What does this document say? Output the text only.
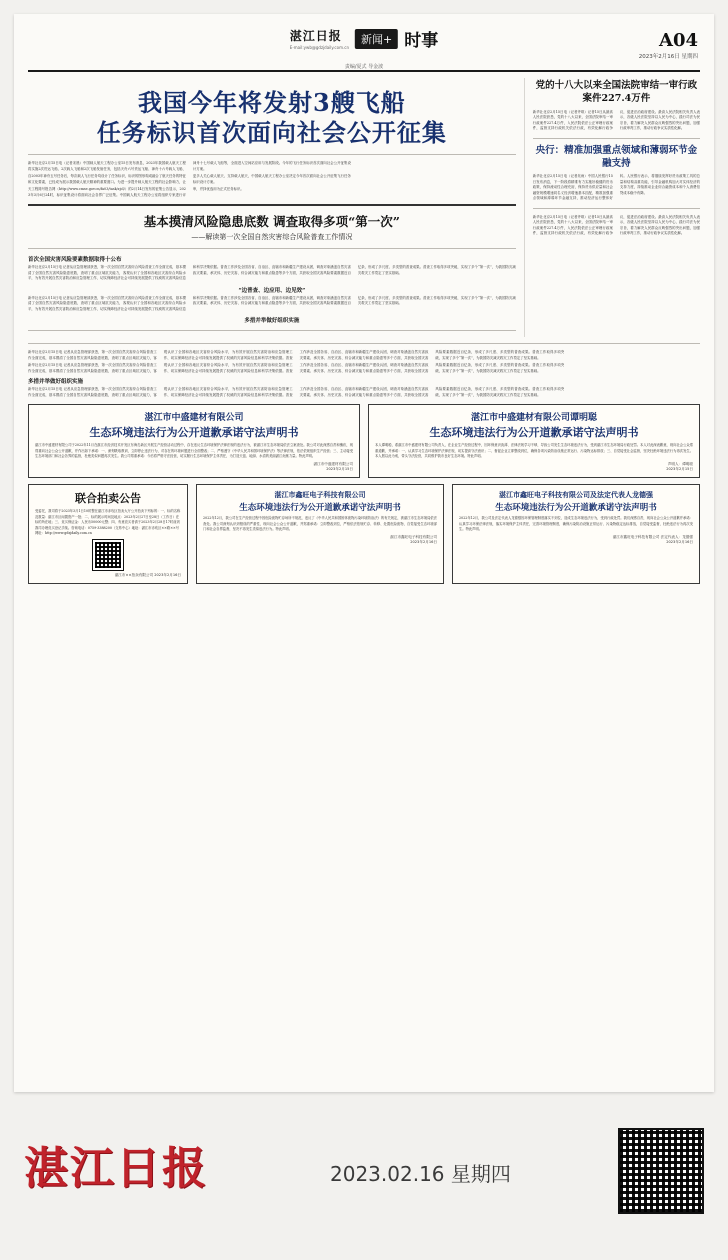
湛江日报
E-mail:ywb@gdzjdaily.com.cn
新闻+ 时事
责编/夏式 导金波
A04
2023年2月16日 星期四
我国今年将发射3艘飞船
任务标识首次面向社会公开征集
新华社北京2月15日电（记者宋晨）中国载人航天工程办公室15日发布消息，2023年我国载人航天工程将实施2次货运飞船、2次载人飞船和2次飞船发射任务，包括天舟六号货运飞船、神舟十六号载人飞船、神舟十七号载人飞船等，全面进入空间站应用与发展阶段。今年的飞行任务标识首次面向社会公开征集设计方案。
自2003年神舟五号任务后，每次载人飞行任务均设计了任务标识，标识的图形构成融合了航天任务的特征和文化要素，已经成为展示我国载人航天精神的重要窗口。为进一步提升载人航天工程的社会影响力，让更多人关心载人航天、支持载人航天，中国载人航天工程办公室决定今年首次面向社会公开征集飞行任务标识设计方案。
天工程简号报告网（http://www.cmse.gov.cn/fa03/task/zjcl/）的2月14日发布的征集公告显示，2023年3月6日24时，标识征集设计将面向社会各界广泛征集。中国载人航天工程办公室将组织专家进行评审，并择优选用为正式任务标识。
基本摸清风险隐患底数 调查取得多项“第一次”
——解读第一次全国自然灾害综合风险普查工作情况
首次全国灾害风险要素数据取得十公布
新华社北京2月15日电 记者从应急管理部获悉，第一次全国自然灾害综合风险普查工作全面完成，基本摸清了全国自然灾害风险隐患底数，查明了重点区域抗灾能力，客观认识了全国和各地区灾害综合风险水平，为有效开展自然灾害防治和应急管理工作、切实保障经济社会可持续发展提供了权威的灾害风险信息和科学决策依据。普查工作涉及全国各省、自治区、直辖市和新疆生产建设兵团，调查对象涵盖自然灾害致灾要素、承灾体、历史灾害、综合减灾能力和重点隐患等多个方面，共获取全国灾害风险要素数据近百亿条，形成了多尺度、多类型的普查成果。普查工作取得多项突破，实现了多个“第一次”，为我国防灾减灾救灾工作奠定了坚实基础。
“边普查、边应用、边见效”
新华社北京2月15日电 记者从应急管理部获悉，第一次全国自然灾害综合风险普查工作全面完成，基本摸清了全国自然灾害风险隐患底数，查明了重点区域抗灾能力，客观认识了全国和各地区灾害综合风险水平，为有效开展自然灾害防治和应急管理工作、切实保障经济社会可持续发展提供了权威的灾害风险信息和科学决策依据。普查工作涉及全国各省、自治区、直辖市和新疆生产建设兵团，调查对象涵盖自然灾害致灾要素、承灾体、历史灾害、综合减灾能力和重点隐患等多个方面，共获取全国灾害风险要素数据近百亿条，形成了多尺度、多类型的普查成果。普查工作取得多项突破，实现了多个“第一次”，为我国防灾减灾救灾工作奠定了坚实基础。
多措并举做好组织实施
党的十八大以来全国法院审结一审行政案件227.4万件
新华社北京2月15日电（记者齐琪）记者15日从最高人民法院获悉，党的十八大以来，全国法院审结一审行政案件227.4万件，入民法院依法公正审理行政案件，监督支持行政机关依法行政，有效化解行政争议，促进法治政府建设。最高人民法院相关负责人表示，各级人民法院坚持以人民为中心，践行司法为民宗旨，着力解决人民群众反映强烈的突出问题，加强行政审判工作，推动行政争议实质性化解。
央行：精准加强重点领域和薄弱环节金融支持
新华社北京2月15日电（记者吴雨）中国人民银行15日发布消息，下一阶段将精准有力实施好稳健的货币政策，保持流动性合理充裕，保持货币供应量和社会融资规模增速同名义经济增速基本匹配，精准加强重点领域和薄弱环节金融支持，推动经济运行整体好转。人民银行表示，将继续发挥好货币政策工具的总量和结构双重功能，引导金融机构加大对实体经济的支持力度，持续推动企业综合融资成本和个人消费信贷成本稳中有降。
新华社北京2月15日电（记者齐琪）记者15日从最高人民法院获悉，党的十八大以来，全国法院审结一审行政案件227.4万件，入民法院依法公正审理行政案件，监督支持行政机关依法行政，有效化解行政争议，促进法治政府建设。最高人民法院相关负责人表示，各级人民法院坚持以人民为中心，践行司法为民宗旨，着力解决人民群众反映强烈的突出问题，加强行政审判工作，推动行政争议实质性化解。
新华社北京2月15日电 记者从应急管理部获悉，第一次全国自然灾害综合风险普查工作全面完成，基本摸清了全国自然灾害风险隐患底数，查明了重点区域抗灾能力，客观认识了全国和各地区灾害综合风险水平，为有效开展自然灾害防治和应急管理工作、切实保障经济社会可持续发展提供了权威的灾害风险信息和科学决策依据。普查工作涉及全国各省、自治区、直辖市和新疆生产建设兵团，调查对象涵盖自然灾害致灾要素、承灾体、历史灾害、综合减灾能力和重点隐患等多个方面，共获取全国灾害风险要素数据近百亿条，形成了多尺度、多类型的普查成果。普查工作取得多项突破，实现了多个“第一次”，为我国防灾减灾救灾工作奠定了坚实基础。
新华社北京2月15日电 记者从应急管理部获悉，第一次全国自然灾害综合风险普查工作全面完成，基本摸清了全国自然灾害风险隐患底数，查明了重点区域抗灾能力，客观认识了全国和各地区灾害综合风险水平，为有效开展自然灾害防治和应急管理工作、切实保障经济社会可持续发展提供了权威的灾害风险信息和科学决策依据。普查工作涉及全国各省、自治区、直辖市和新疆生产建设兵团，调查对象涵盖自然灾害致灾要素、承灾体、历史灾害、综合减灾能力和重点隐患等多个方面，共获取全国灾害风险要素数据近百亿条，形成了多尺度、多类型的普查成果。普查工作取得多项突破，实现了多个“第一次”，为我国防灾减灾救灾工作奠定了坚实基础。
多措并举做好组织实施
新华社北京2月15日电 记者从应急管理部获悉，第一次全国自然灾害综合风险普查工作全面完成，基本摸清了全国自然灾害风险隐患底数，查明了重点区域抗灾能力，客观认识了全国和各地区灾害综合风险水平，为有效开展自然灾害防治和应急管理工作、切实保障经济社会可持续发展提供了权威的灾害风险信息和科学决策依据。普查工作涉及全国各省、自治区、直辖市和新疆生产建设兵团，调查对象涵盖自然灾害致灾要素、承灾体、历史灾害、综合减灾能力和重点隐患等多个方面，共获取全国灾害风险要素数据近百亿条，形成了多尺度、多类型的普查成果。普查工作取得多项突破，实现了多个“第一次”，为我国防灾减灾救灾工作奠定了坚实基础。
湛江市中盛建材有限公司
生态环境违法行为公开道歉承诺守法声明书
湛江市中盛建材有限公司于2022年11月在湛江市经济技术开发区东海岛新区开展生产经营活动过程中，存在违反生态环境保护法律法规的违法行为，被湛江市生态环境局依法立案查处。我公司对此深感自责和愧疚，现郑重向社会公众公开道歉，并作出如下承诺：一、深刻吸取教训，立即停止违法行为，对存在的环境问题进行全面整改；二、严格遵守《中华人民共和国环境保护法》等法律法规，依法依规组织生产经营；三、主动接受生态环境部门和社会各界的监督，杜绝类似问题再次发生。我公司郑重承诺：今后将严格守法经营，切实履行生态环境保护主体责任，为打造天蓝、地绿、水清的美丽湛江贡献力量。特此声明。
湛江市中盛建材有限公司
2023年2月15日
湛江市中盛建材有限公司谭明聪
生态环境违法行为公开道歉承诺守法声明书
本人谭明聪，系湛江市中盛建材有限公司负责人，在企业生产经营过程中，因环保意识淡薄、法律法规学习不够，导致公司发生生态环境违法行为，受到湛江市生态环境局行政处罚。本人对此深表歉意，现向社会公众郑重道歉，并承诺：一、认真学习生态环境保护法律法规，切实提高守法意识；二、督促企业立即整改到位，确保各项污染防治设施正常运行、污染物达标排放；三、自觉接受社会监督，坚决杜绝环境违法行为再次发生。本人愿以此为戒，带头守法经营，共同维护我市良好生态环境。特此声明。
声明人：谭明聪
2023年2月15日
联合拍卖公告
受委托，我司将于2023年3月1日10时整在湛江市赤坎区拍卖大厅公开拍卖下列标的：一、标的名称及数量：湛江市区闲置资产一批；二、标的展示时间及地点：2023年2月27日至28日（工作日）在标的所在地；三、竞买保证金：人民币50000元整；四、有意竞买者请于2023年2月28日17时前到我司办理竞买登记手续。咨询电话：0759-3388200（交易中心）地址：湛江市赤坎区××路××号网址：http://www.gdzjdaily.com.cn
湛江市××拍卖有限公司 2023年2月16日
湛江市鑫旺电子科技有限公司
生态环境违法行为公开道歉承诺守法声明书
2022年12月，我公司在生产经营过程中因危险废物贮存场所不规范，违反了《中华人民共和国固体废物污染环境防治法》的有关规定，被湛江市生态环境局依法查处。我公司深刻认识到错误的严重性，现向社会公众公开道歉，并郑重承诺：立即整改到位，严格依法依规贮存、转移、处置危险废物，自觉接受生态环境部门和社会各界监督，坚决不再发生类似违法行为。特此声明。
湛江市鑫旺电子科技有限公司
2023年2月16日
湛江市鑫旺电子科技有限公司及法定代表人龙德强
生态环境违法行为公开道歉承诺守法声明书
2022年12月，我公司及法定代表人龙德强因环保管理制度落实不到位，造成生态环境违法行为，受到行政处罚。我们深感自责，现向社会公众公开道歉并承诺：认真学习环保法律法规，落实环境保护主体责任，完善环境管理制度，确保污染防治设施正常运行、污染物稳定达标排放，自觉接受监督，杜绝违法行为再次发生。特此声明。
湛江市鑫旺电子科技有限公司 法定代表人：龙德强
2023年2月16日
湛江日报	2023.02.16 星期四
